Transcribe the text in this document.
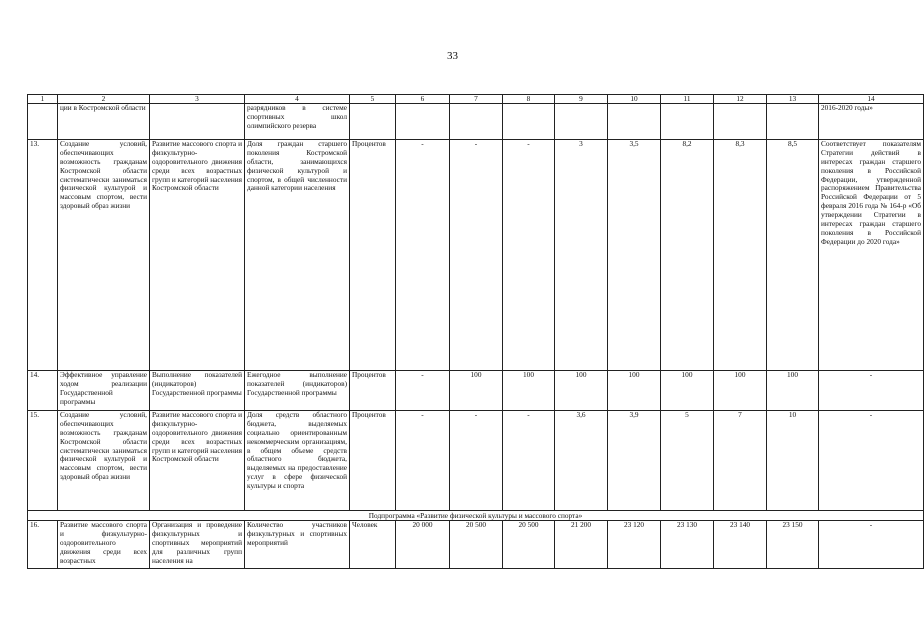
33
1	2	3	4	5	6	7	8	9	10	11	12	13	14
	ции в Костромской области		разрядников в системе спортивных школ олимпийского резерва										2016-2020 годы»
13.	Создание условий, обеспечивающих возможность гражданам Костромской области систематически заниматься физической культурой и массовым спортом, вести здоровый образ жизни	Развитие массового спорта и физкультурно-оздоровительного движения среди всех возрастных групп и категорий населения Костромской области	Доля граждан старшего поколения Костромской области, занимающихся физической культурой и спортом, в общей численности данной категории населения	Процентов	-	-	-	3	3,5	8,2	8,3	8,5	Соответствует показателям Стратегии действий в интересах граждан старшего поколения в Российской Федерации, утвержденной распоряжением Правительства Российской Федерации от 5 февраля 2016 года № 164-р «Об утверждении Стратегии в интересах граждан старшего поколения в Российской Федерации до 2020 года»
14.	Эффективное управление ходом реализации Государственной программы	Выполнение показателей (индикаторов) Государственной программы	Ежегодное выполнение показателей (индикаторов) Государственной программы	Процентов	-	100	100	100	100	100	100	100	-
15.	Создание условий, обеспечивающих возможность гражданам Костромской области систематически заниматься физической культурой и массовым спортом, вести здоровый образ жизни	Развитие массового спорта и физкультурно-оздоровительного движения среди всех возрастных групп и категорий населения Костромской области	Доля средств областного бюджета, выделяемых социально ориентированным некоммерческим организациям, в общем объеме средств областного бюджета, выделяемых на предоставление услуг в сфере физической культуры и спорта	Процентов	-	-	-	3,6	3,9	5	7	10	-
Подпрограмма «Развитие физической культуры и массового спорта»													
16.	Развитие массового спорта и физкультурно-оздоровительного движения среди всех возрастных	Организация и проведение физкультурных и спортивных мероприятий для различных групп населения на	Количество участников физкультурных и спортивных мероприятий	Человек	20 000	20 500	20 500	21 200	23 120	23 130	23 140	23 150	-
